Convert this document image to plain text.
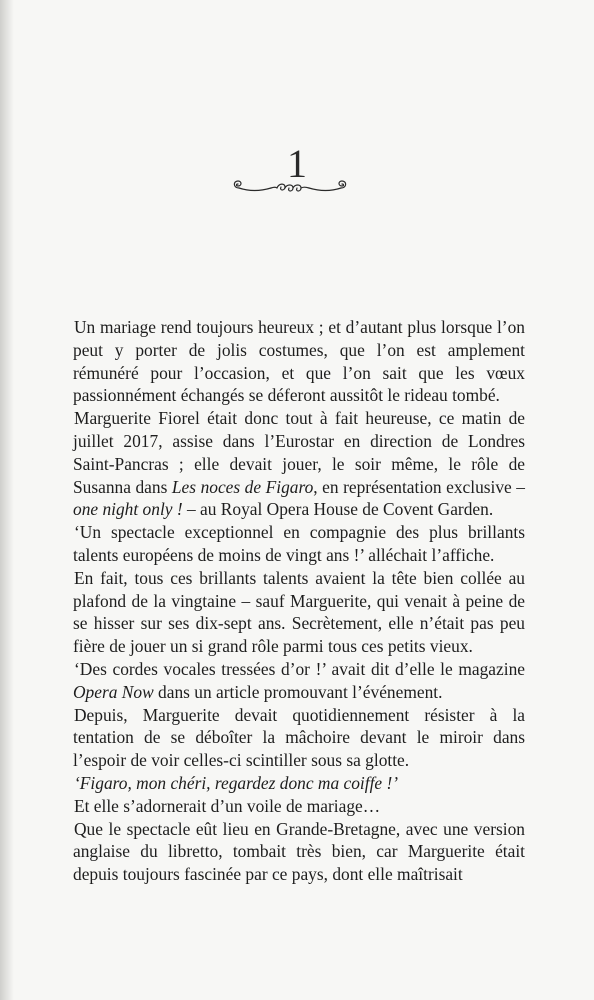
1

Un mariage rend toujours heureux ; et d’autant plus lorsque l’on peut y porter de jolis costumes, que l’on est amplement rémunéré pour l’occasion, et que l’on sait que les vœux passionnément échangés se déferont aussitôt le rideau tombé.

Marguerite Fiorel était donc tout à fait heureuse, ce matin de juillet 2017, assise dans l’Eurostar en direction de Londres Saint-Pancras ; elle devait jouer, le soir même, le rôle de Susanna dans Les noces de Figaro, en représentation exclusive – one night only ! – au Royal Opera House de Covent Garden.

‘Un spectacle exceptionnel en compagnie des plus brillants talents européens de moins de vingt ans !’ alléchait l’affiche.

En fait, tous ces brillants talents avaient la tête bien collée au plafond de la vingtaine – sauf Marguerite, qui venait à peine de se hisser sur ses dix-sept ans. Secrètement, elle n’était pas peu fière de jouer un si grand rôle parmi tous ces petits vieux.

‘Des cordes vocales tressées d’or !’ avait dit d’elle le magazine Opera Now dans un article promouvant l’événement.

Depuis, Marguerite devait quotidiennement résister à la tentation de se déboîter la mâchoire devant le miroir dans l’espoir de voir celles-ci scintiller sous sa glotte.

‘Figaro, mon chéri, regardez donc ma coiffe !’

Et elle s’adornerait d’un voile de mariage…

Que le spectacle eût lieu en Grande-Bretagne, avec une version anglaise du libretto, tombait très bien, car Marguerite était depuis toujours fascinée par ce pays, dont elle maîtrisait
